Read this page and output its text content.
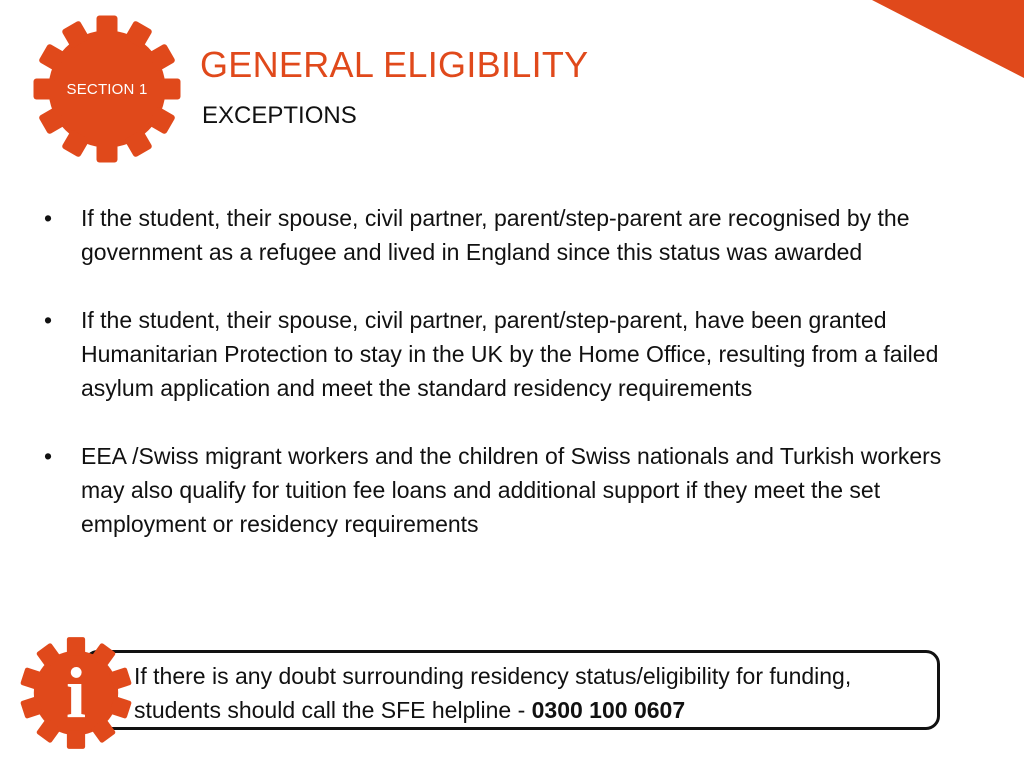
SECTION 1
GENERAL ELIGIBILITY
EXCEPTIONS
• If the student, their spouse, civil partner, parent/step-parent are recognised by the government as a refugee and lived in England since this status was awarded
• If the student, their spouse, civil partner, parent/step-parent, have been granted Humanitarian Protection to stay in the UK by the Home Office, resulting from a failed asylum application and meet the standard residency requirements
• EEA /Swiss migrant workers and the children of Swiss nationals and Turkish workers may also qualify for tuition fee loans and additional support if they meet the set employment or residency requirements
If there is any doubt surrounding residency status/eligibility for funding, students should call the SFE helpline - 0300 100 0607
i
